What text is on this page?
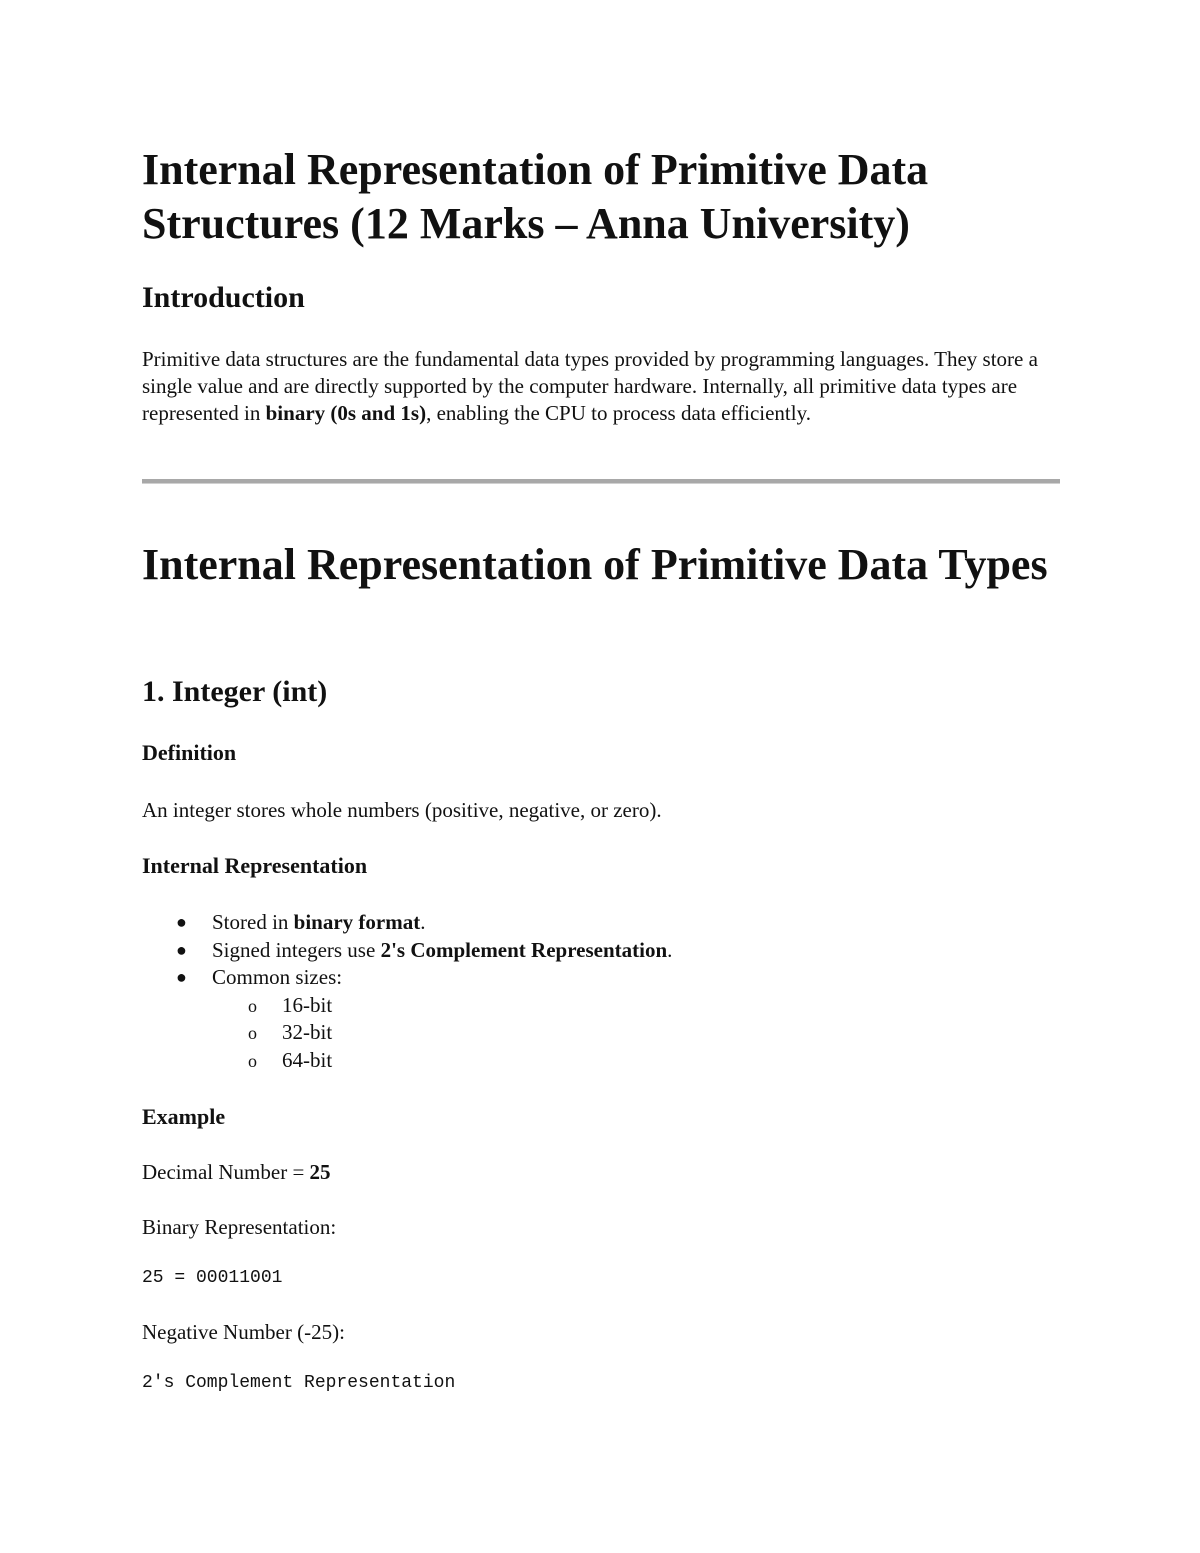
Internal Representation of Primitive Data Structures (12 Marks – Anna University)
Introduction

Primitive data structures are the fundamental data types provided by programming languages. They store a single value and are directly supported by the computer hardware. Internally, all primitive data types are represented in binary (0s and 1s), enabling the CPU to process data efficiently.

Internal Representation of Primitive Data Types
1. Integer (int)
Definition

An integer stores whole numbers (positive, negative, or zero).

Internal Representation
● Stored in binary format.
● Signed integers use 2's Complement Representation.
● Common sizes:
o 16-bit
o 32-bit
o 64-bit
Example

Decimal Number = 25

Binary Representation:

25 = 00011001

Negative Number (-25):

2's Complement Representation
